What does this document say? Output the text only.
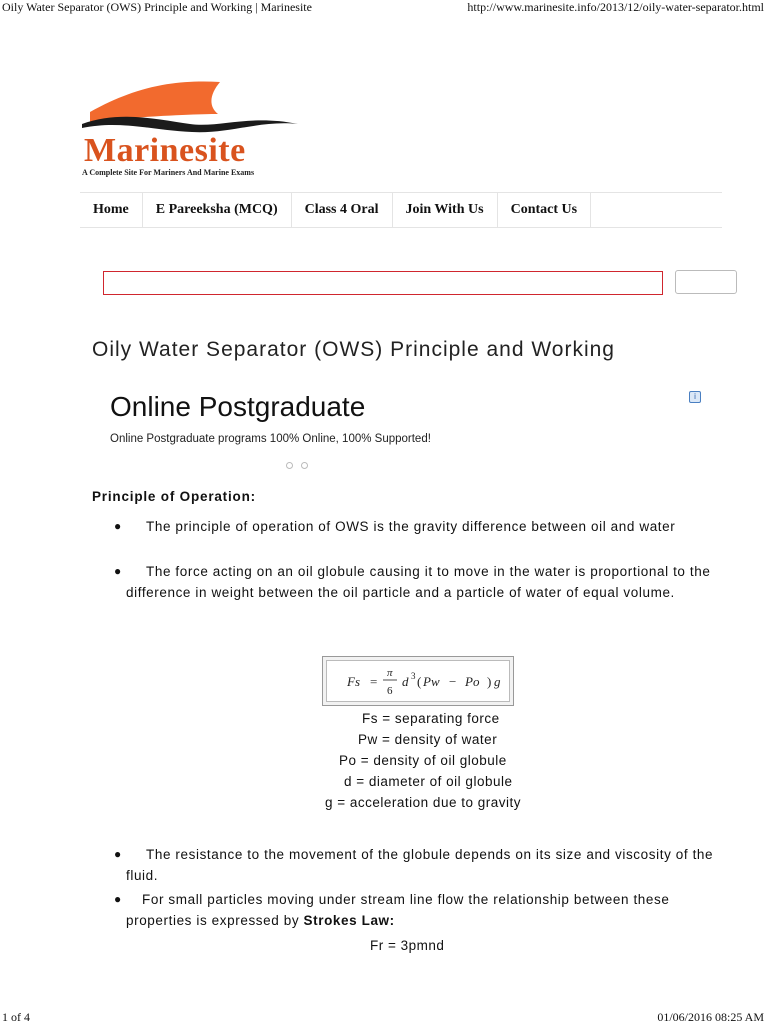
Oily Water Separator (OWS) Principle and Working | Marinesite	http://www.marinesite.info/2013/12/oily-water-separator.html
1 of 4	01/06/2016 08:25 AM
Marinesite
A Complete Site For Mariners And Marine Exams
Home	E Pareeksha (MCQ)	Class 4 Oral	Join With Us	Contact Us
Oily Water Separator (OWS) Principle and Working
Online Postgraduate
Online Postgraduate programs 100% Online, 100% Supported!
i
Principle of Operation:
● The principle of operation of OWS is the gravity difference between oil and water
● The force acting on an oil globule causing it to move in the water is proportional to the difference in weight between the oil particle and a particle of water of equal volume.
Fs =
π
6
d 3 ( Pw − Po ) g
Fs = separating force
Pw = density of water
Po = density of oil globule
d = diameter of oil globule
g = acceleration due to gravity
● The resistance to the movement of the globule depends on its size and viscosity of the fluid.
● For small particles moving under stream line flow the relationship between these properties is expressed by Strokes Law:
Fr = 3pmnd
